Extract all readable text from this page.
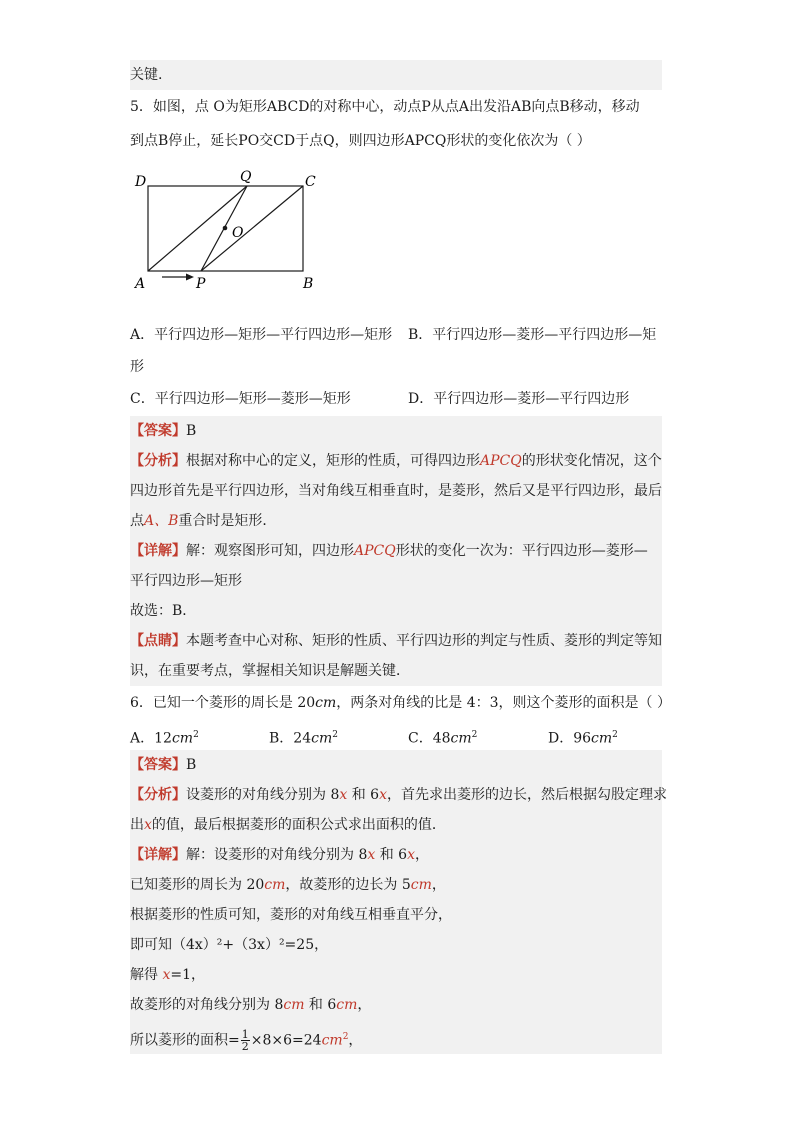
关键.
5．如图，点 O为矩形ABCD的对称中心，动点P从点A出发沿AB向点B移动，移动
到点B停止，延长PO交CD于点Q，则四边形APCQ形状的变化依次为（ ）
D	Q	C
O
A	P	B
A．平行四边形—矩形—平行四边形—矩形 B．平行四边形—菱形—平行四边形—矩
形
C．平行四边形—矩形—菱形—矩形	D．平行四边形—菱形—平行四边形
【答案】B
【分析】根据对称中心的定义，矩形的性质，可得四边形APCQ的形状变化情况，这个
四边形首先是平行四边形，当对角线互相垂直时，是菱形，然后又是平行四边形，最后
点A、B重合时是矩形．
【详解】解：观察图形可知，四边形APCQ形状的变化一次为：平行四边形—菱形—
平行四边形—矩形
故选：B．
【点睛】本题考查中心对称、矩形的性质、平行四边形的判定与性质、菱形的判定等知
识，在重要考点，掌握相关知识是解题关键．
6．已知一个菱形的周长是 20cm，两条对角线的比是 4：3，则这个菱形的面积是（ ）
A．$12cm^2$	B．$24cm^2$	C．$48cm^2$	D．$96cm^2$
【答案】B
【分析】设菱形的对角线分别为 8x 和 6x，首先求出菱形的边长，然后根据勾股定理求
出x的值，最后根据菱形的面积公式求出面积的值．
【详解】解：设菱形的对角线分别为 8x 和 6x，
已知菱形的周长为 20cm，故菱形的边长为 5cm，
根据菱形的性质可知，菱形的对角线互相垂直平分，
即可知（4x）²+（3x）²=25，
解得 x=1，
故菱形的对角线分别为 8cm 和 6cm，
所以菱形的面积= $\frac{1}{2} \times 8\times 6=24cm^2$，
